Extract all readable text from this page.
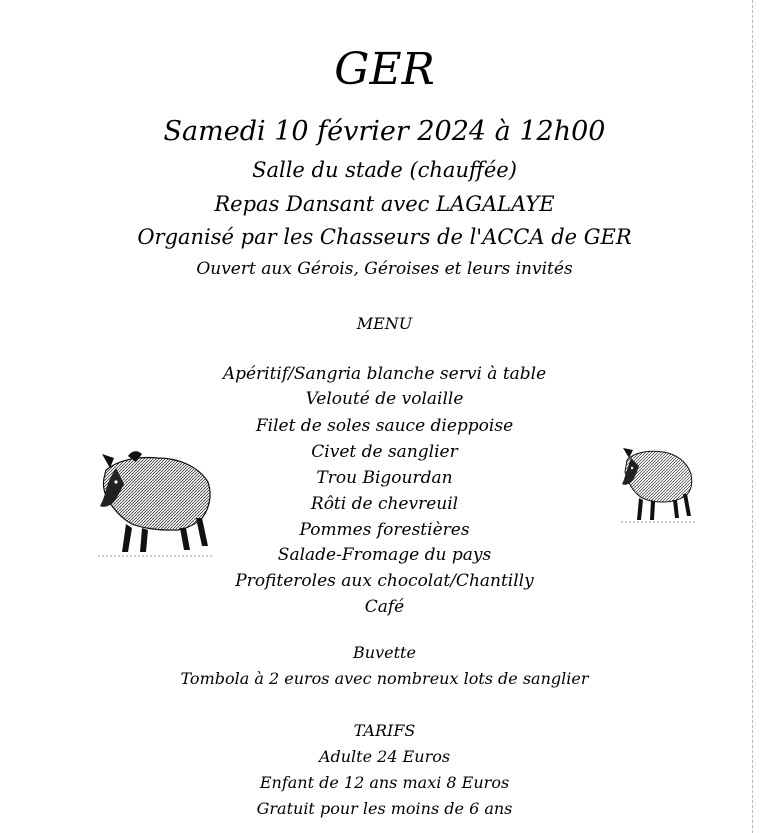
GER
Samedi 10 février 2024 à 12h00
Salle du stade (chauffée)
Repas Dansant avec LAGALAYE
Organisé par les Chasseurs de l'ACCA de GER
Ouvert aux Gérois, Géroises et leurs invités
MENU
Apéritif/Sangria blanche servi à table
Velouté de volaille
Filet de soles sauce dieppoise
Civet de sanglier
Trou Bigourdan
Rôti de chevreuil
Pommes forestières
Salade-Fromage du pays
Profiteroles aux chocolat/Chantilly
Café
Buvette
Tombola à 2 euros avec nombreux lots de sanglier
TARIFS
Adulte 24 Euros
Enfant de 12 ans maxi 8 Euros
Gratuit pour les moins de 6 ans
